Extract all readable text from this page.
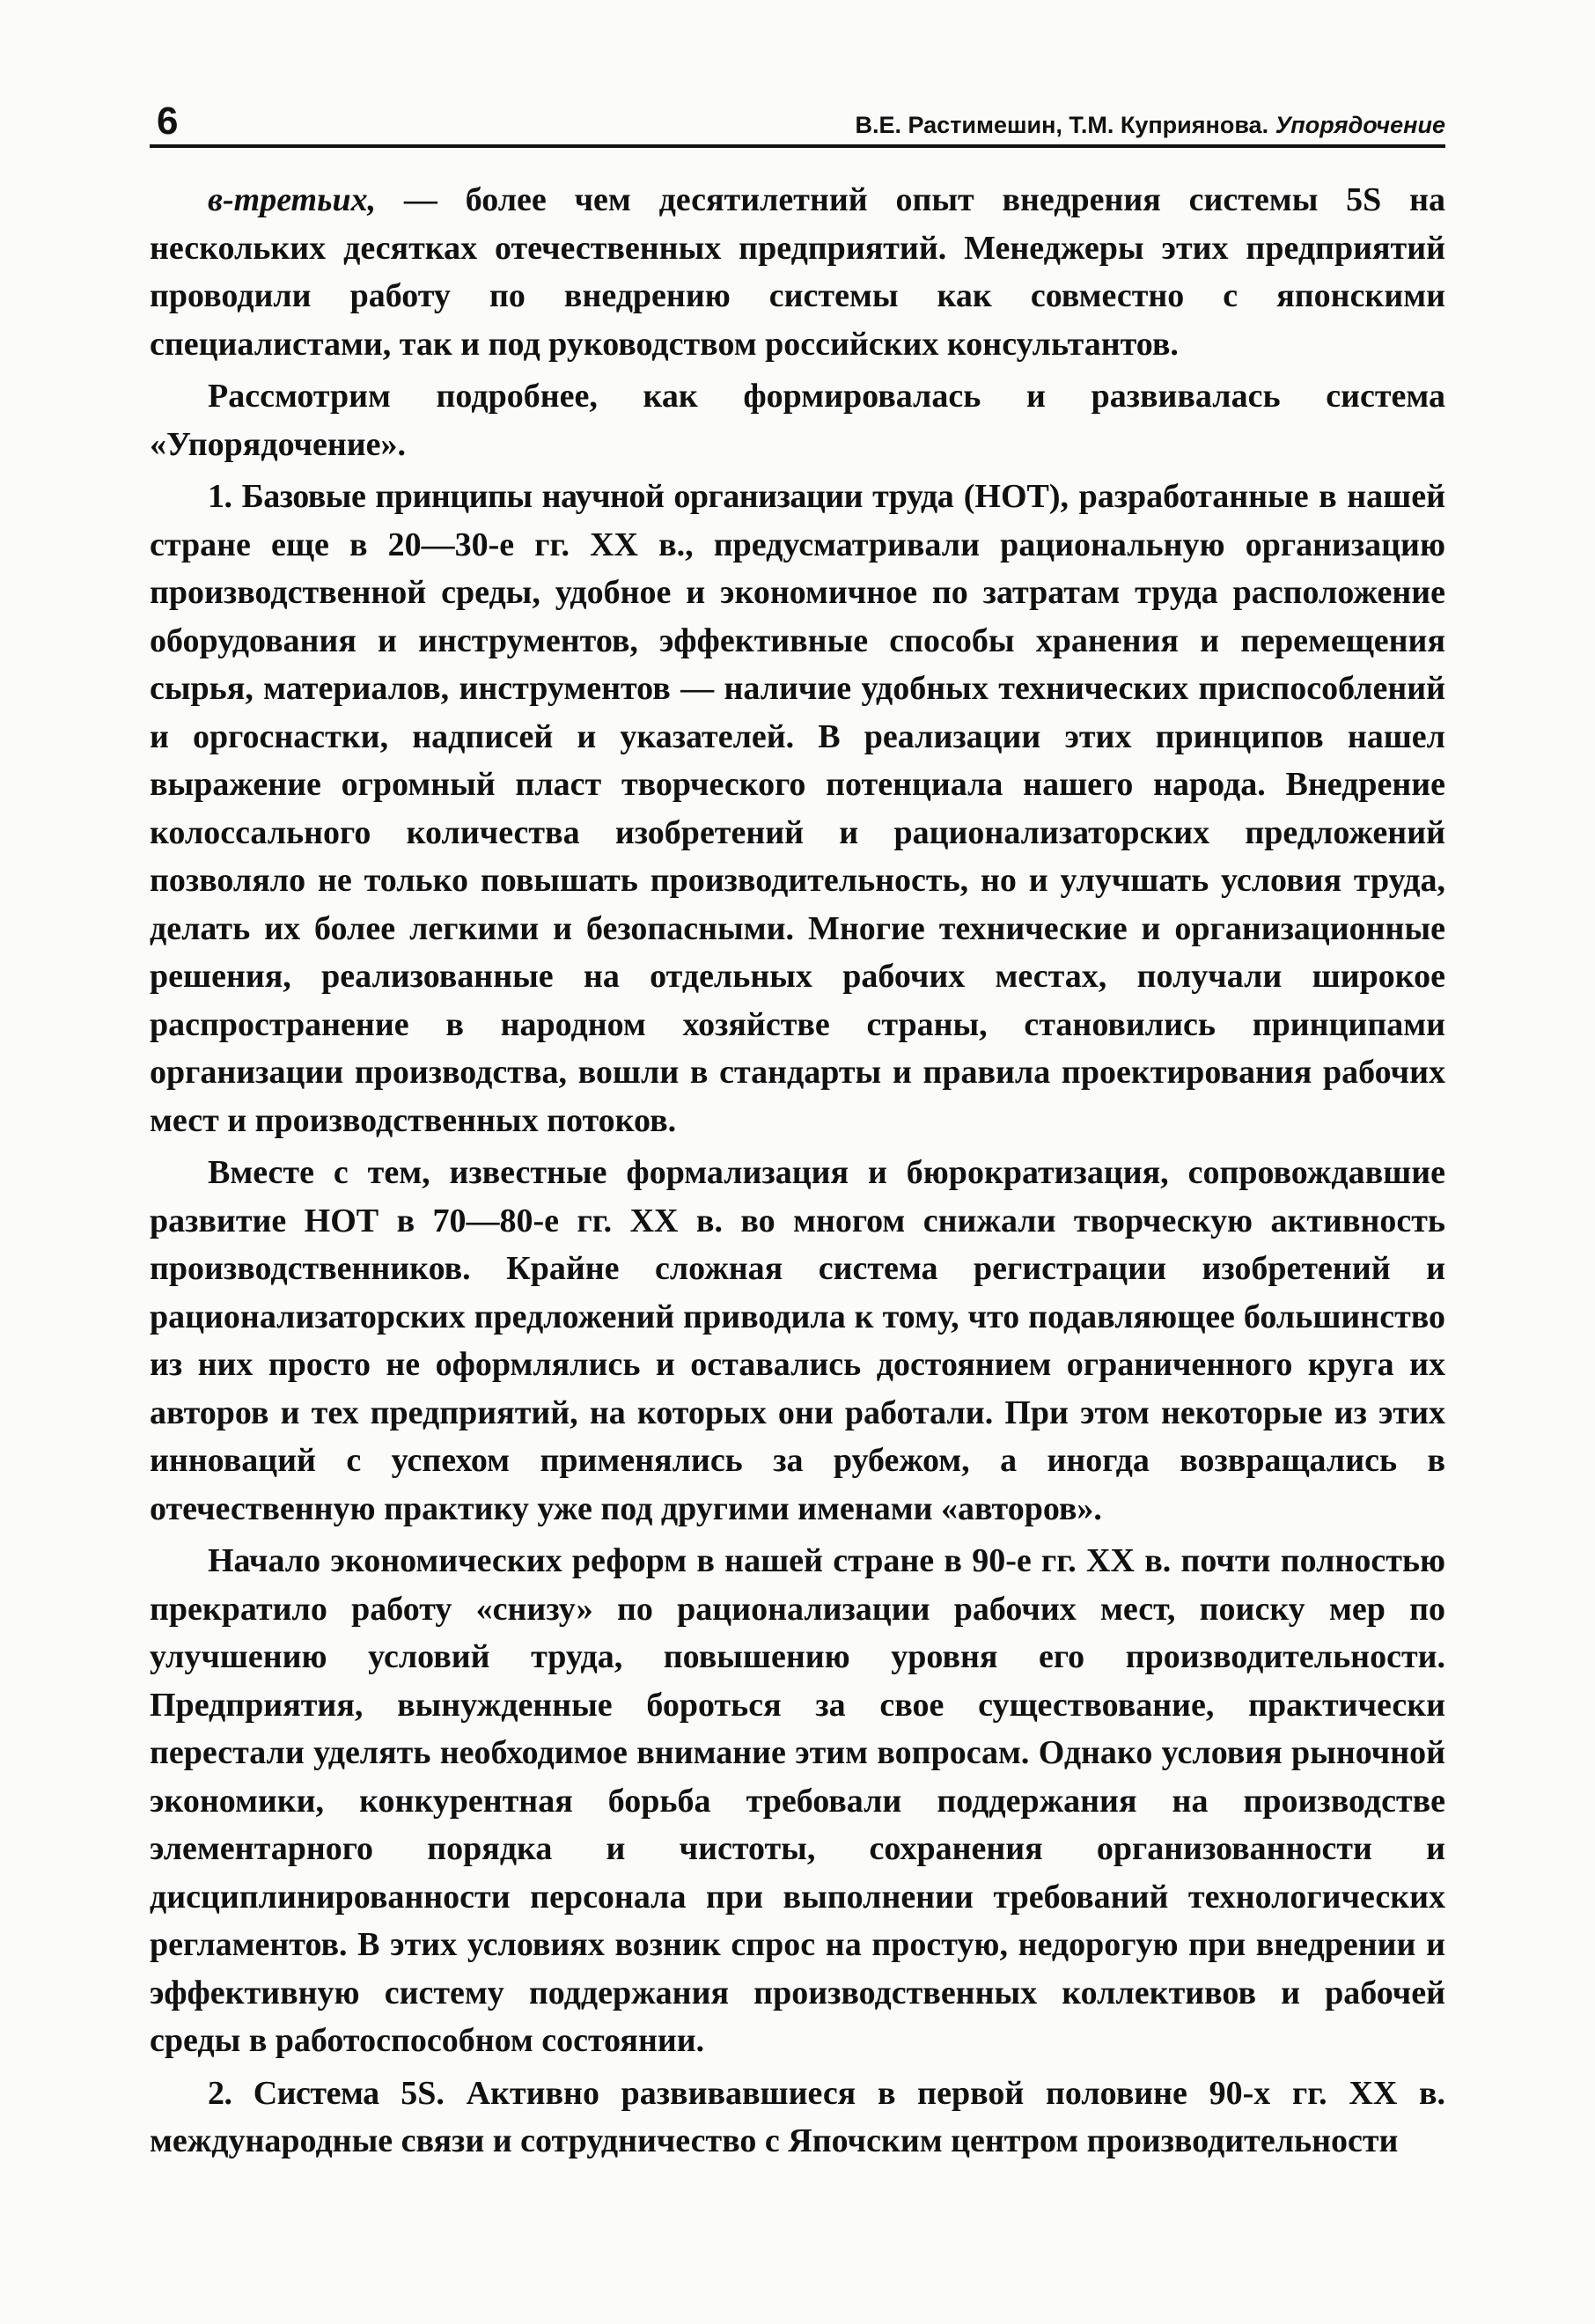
6	В.Е. Растимешин, Т.М. Куприянова. Упорядочение

в-третьих, — более чем десятилетний опыт внедрения системы 5S на нескольких десятках отечественных предприятий. Менеджеры этих предприятий проводили работу по внедрению системы как совместно с японскими специалистами, так и под руководством российских консультантов.

Рассмотрим подробнее, как формировалась и развивалась система «Упорядочение».

1. Базовые принципы научной организации труда (НОТ), разработанные в нашей стране еще в 20—30-е гг. XX в., предусматривали рациональную организацию производственной среды, удобное и экономичное по затратам труда расположение оборудования и инструментов, эффективные способы хранения и перемещения сырья, материалов, инструментов — наличие удобных технических приспособлений и оргоснастки, надписей и указателей. В реализации этих принципов нашел выражение огромный пласт творческого потенциала нашего народа. Внедрение колоссального количества изобретений и рационализаторских предложений позволяло не только повышать производительность, но и улучшать условия труда, делать их более легкими и безопасными. Многие технические и организационные решения, реализованные на отдельных рабочих местах, получали широкое распространение в народном хозяйстве страны, становились принципами организации производства, вошли в стандарты и правила проектирования рабочих мест и производственных потоков.

Вместе с тем, известные формализация и бюрократизация, сопровождавшие развитие НОТ в 70—80-е гг. XX в. во многом снижали творческую активность производственников. Крайне сложная система регистрации изобретений и рационализаторских предложений приводила к тому, что подавляющее большинство из них просто не оформлялись и оставались достоянием ограниченного круга их авторов и тех предприятий, на которых они работали. При этом некоторые из этих инноваций с успехом применялись за рубежом, а иногда возвращались в отечественную практику уже под другими именами «авторов».

Начало экономических реформ в нашей стране в 90-е гг. XX в. почти полностью прекратило работу «снизу» по рационализации рабочих мест, поиску мер по улучшению условий труда, повышению уровня его производительности. Предприятия, вынужденные бороться за свое существование, практически перестали уделять необходимое внимание этим вопросам. Однако условия рыночной экономики, конкурентная борьба требовали поддержания на производстве элементарного порядка и чистоты, сохранения организованности и дисциплинированности персонала при выполнении требований технологических регламентов. В этих условиях возник спрос на простую, недорогую при внедрении и эффективную систему поддержания производственных коллективов и рабочей среды в работоспособном состоянии.

2. Система 5S. Активно развивавшиеся в первой половине 90-х гг. XX в. международные связи и сотрудничество с Япочским центром производительности
